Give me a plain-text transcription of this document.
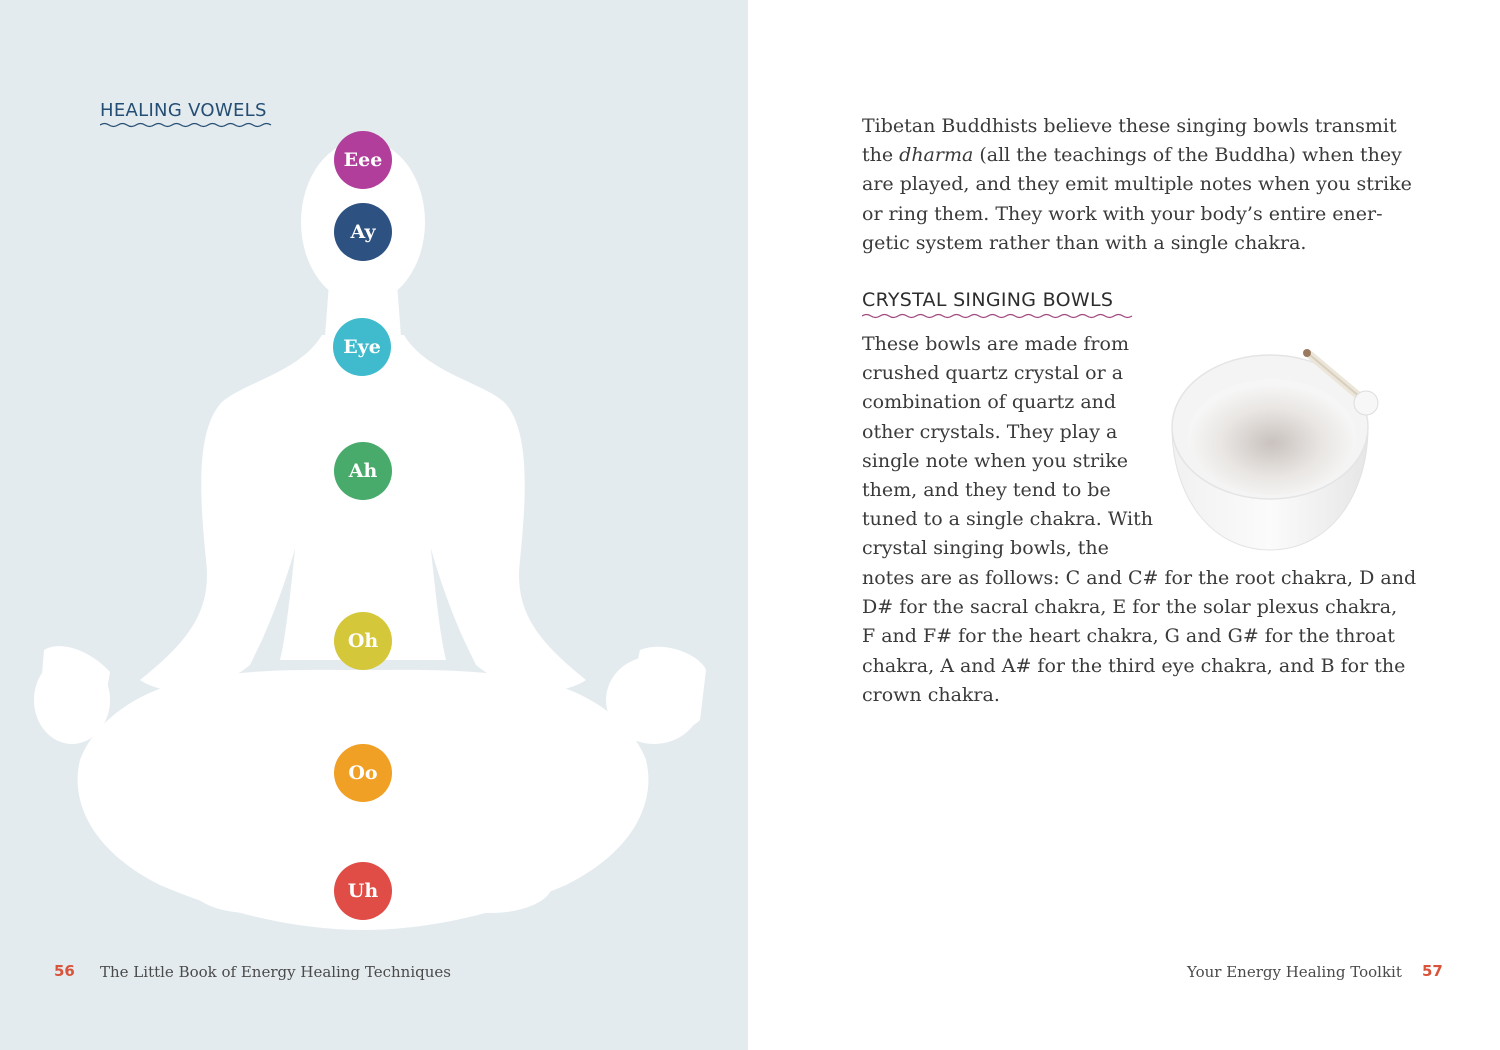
HEALING VOWELS
Eee
Ay
Eye
Ah
Oh
Oo
Uh
56 The Little Book of Energy Healing Techniques

Tibetan Buddhists believe these singing bowls transmit
the dharma (all the teachings of the Buddha) when they
are played, and they emit multiple notes when you strike
or ring them. They work with your body’s entire ener-
getic system rather than with a single chakra.

CRYSTAL SINGING BOWLS

These bowls are made from
crushed quartz crystal or a
combination of quartz and
other crystals. They play a
single note when you strike
them, and they tend to be
tuned to a single chakra. With
crystal singing bowls, the

notes are as follows: C and C# for the root chakra, D and
D# for the sacral chakra, E for the solar plexus chakra,
F and F# for the heart chakra, G and G# for the throat
chakra, A and A# for the third eye chakra, and B for the
crown chakra.

Your Energy Healing Toolkit 57
